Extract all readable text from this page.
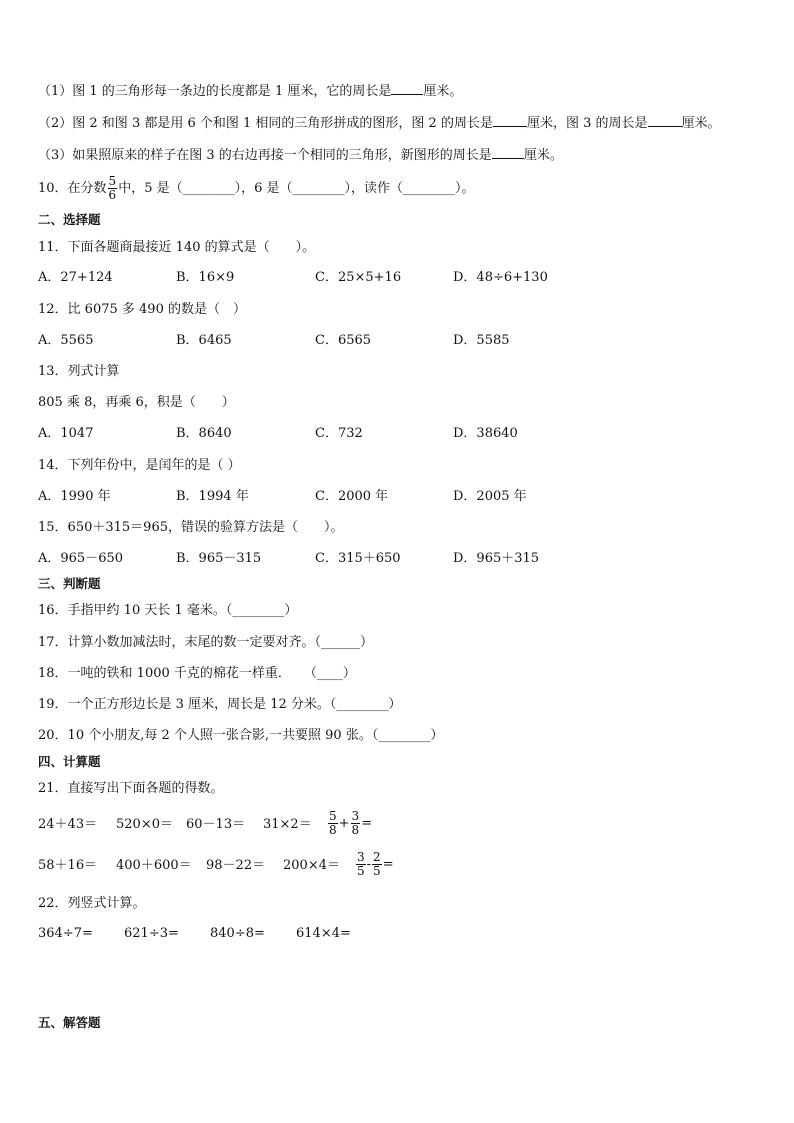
（1）图 1 的三角形每一条边的长度都是 1 厘米，它的周长是 厘米。
（2）图 2 和图 3 都是用 6 个和图 1 相同的三角形拼成的图形，图 2 的周长是	厘米，图 3 的周长是	厘米。
（3）如果照原来的样子在图 3 的右边再接一个相同的三角形，新图形的周长是 厘米。
10．在分数 $\frac{5}{6}$ 中，5 是（________），6 是（________），读作（________）。
二、选择题
11．下面各题商最接近 140 的算式是（　　）。
A．27+124	B．16×9	C．25×5+16	D．48÷6+130
12．比 6075 多 490 的数是（　）
A．5565	B．6465	C．6565	D．5585
13．列式计算
805 乘 8，再乘 6，积是（　　）
A．1047	B．8640	C．732	D．38640
14．下列年份中，是闰年的是（ ）
A．1990 年	B．1994 年	C．2000 年	D．2005 年
15．650＋315＝965，错误的验算方法是（　　）。
A．965－650	B．965－315	C．315＋650	D．965＋315
三、判断题
16．手指甲约 10 天长 1 毫米。（________）
17．计算小数加减法时，末尾的数一定要对齐。（______）
18．一吨的铁和 1000 千克的棉花一样重．　　（____）
19．一个正方形边长是 3 厘米，周长是 12 分米。（________）
20．10 个小朋友,每 2 个人照一张合影,一共要照 90 张。（________）
四、计算题
21．直接写出下面各题的得数。
$24+43= 520\times 0= 60-13= 31\times 2= \frac{5}{8} + \frac{3}{8}$ =
$58+16= 400+600= 98-22= 200\times 4= \frac{3}{5} - \frac{2}{5}$ =
22．列竖式计算。
364÷7= 621÷3= 840÷8= 614×4=
五、解答题
